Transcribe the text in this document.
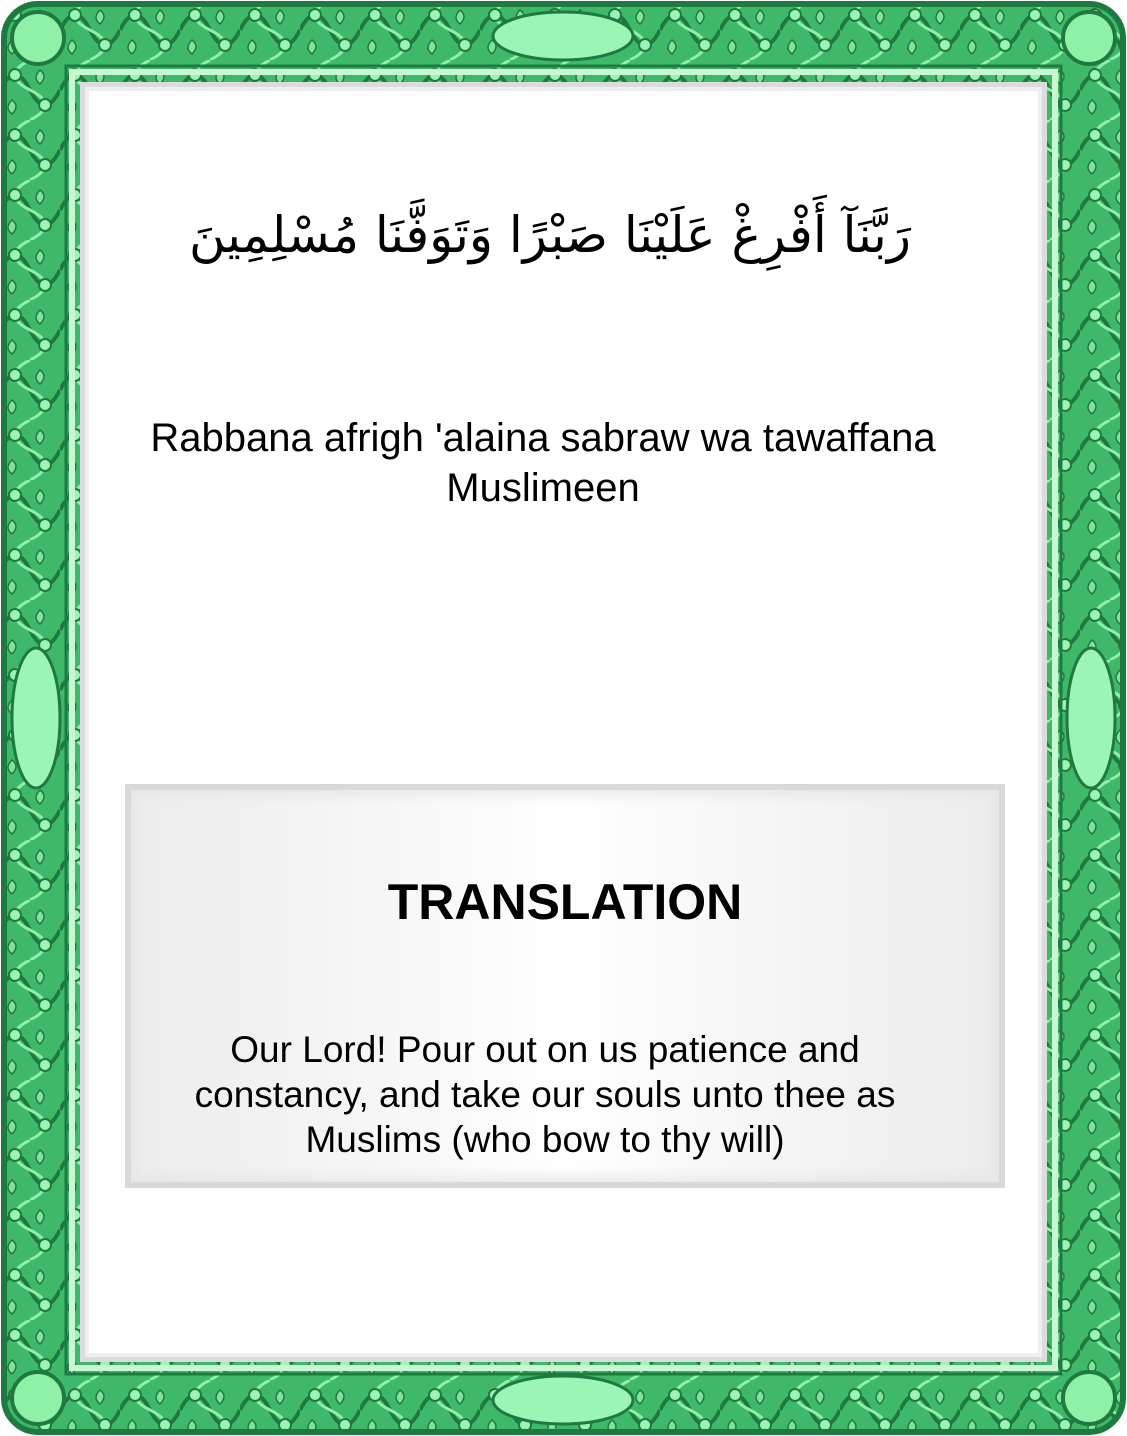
رَبَّنَآ أَفْرِغْ عَلَيْنَا صَبْرًا وَتَوَفَّنَا مُسْلِمِينَ
Rabbana afrigh 'alaina sabraw wa tawaffana Muslimeen
TRANSLATION
Our Lord! Pour out on us patience and constancy, and take our souls unto thee as Muslims (who bow to thy will)
